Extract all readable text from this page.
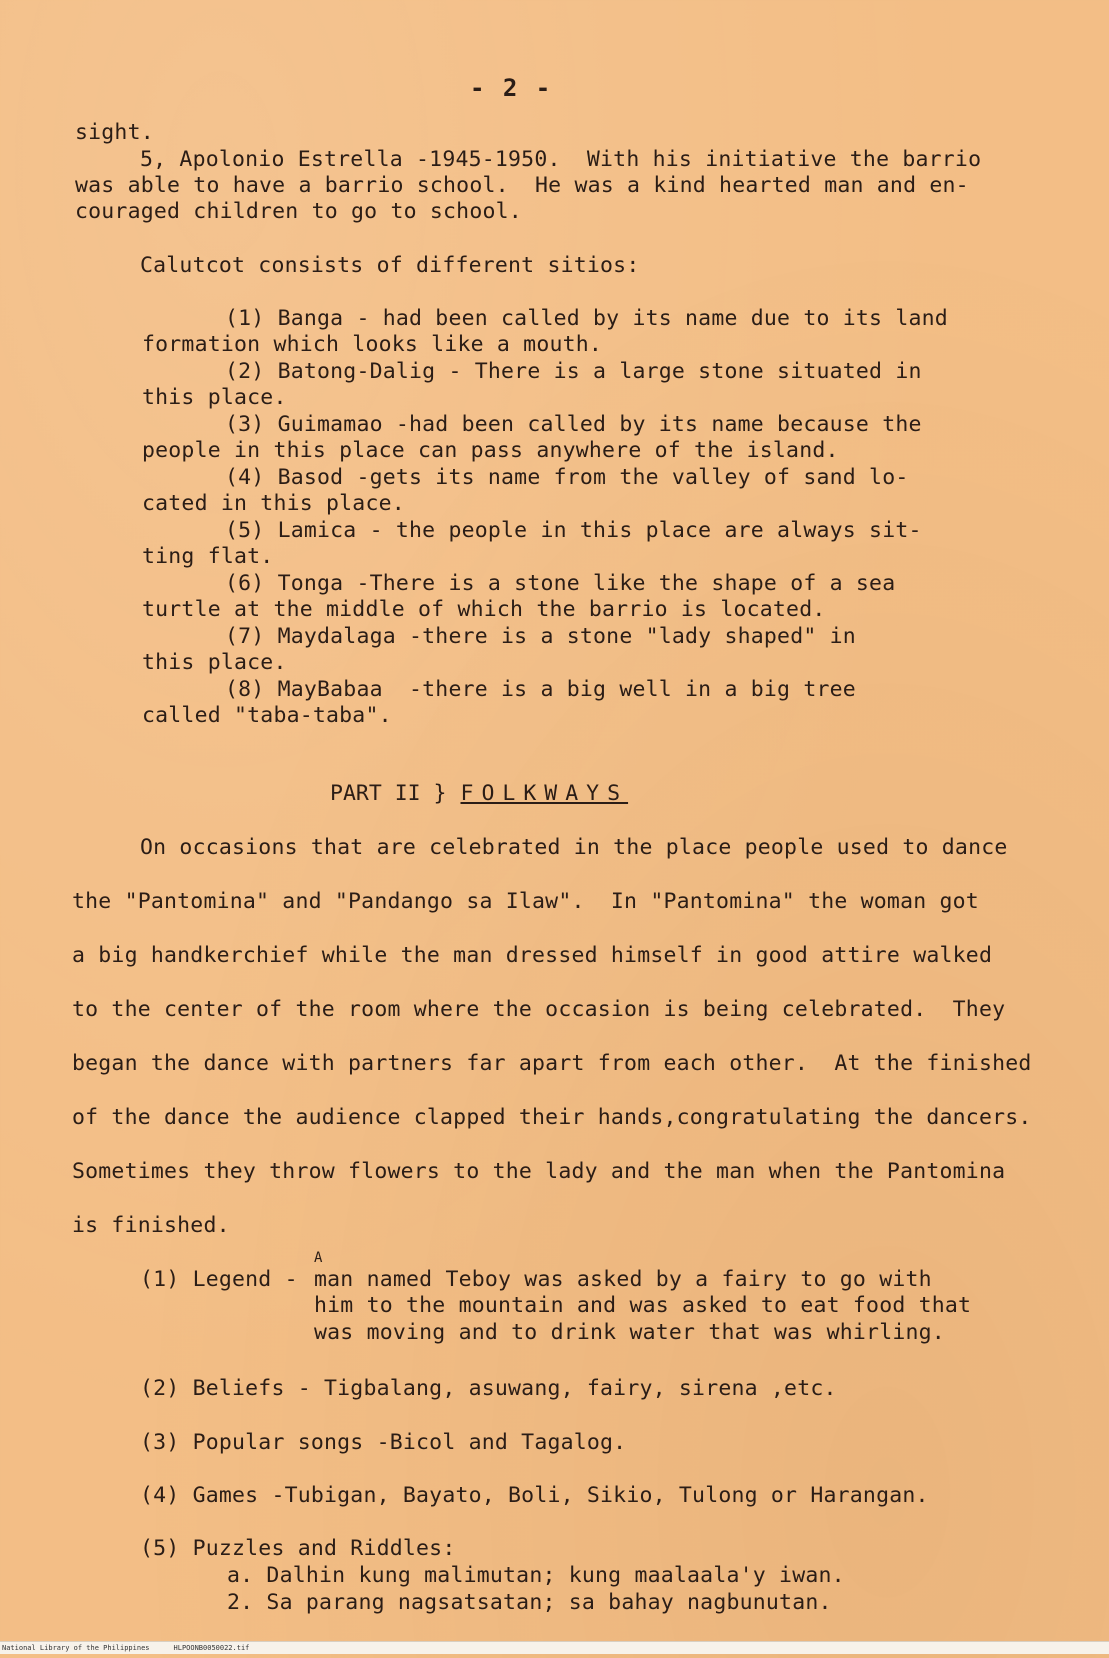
- 2 -

sight.

5, Apolonio Estrella -1945-1950.  With his initiative the barrio

was able to have a barrio school.  He was a kind hearted man and en-

couraged children to go to school.

Calutcot consists of different sitios:

(1) Banga - had been called by its name due to its land

formation which looks like a mouth.

(2) Batong-Dalig - There is a large stone situated in

this place.

(3) Guimamao -had been called by its name because the

people in this place can pass anywhere of the island.

(4) Basod -gets its name from the valley of sand lo-

cated in this place.

(5) Lamica - the people in this place are always sit-

ting flat.

(6) Tonga -There is a stone like the shape of a sea

turtle at the middle of which the barrio is located.

(7) Maydalaga -there is a stone "lady shaped" in

this place.

(8) MayBabaa  -there is a big well in a big tree

called "taba-taba".

PART II } FOLKWAYS

On occasions that are celebrated in the place people used to dance

the "Pantomina" and "Pandango sa Ilaw".  In "Pantomina" the woman got

a big handkerchief while the man dressed himself in good attire walked

to the center of the room where the occasion is being celebrated.  They

began the dance with partners far apart from each other.  At the finished

of the dance the audience clapped their hands,congratulating the dancers.

Sometimes they throw flowers to the lady and the man when the Pantomina

is finished.

(1) Legend -

A

man named Teboy was asked by a fairy to go with

him to the mountain and was asked to eat food that

was moving and to drink water that was whirling.

(2) Beliefs - Tigbalang, asuwang, fairy, sirena ,etc.

(3) Popular songs -Bicol and Tagalog.

(4) Games -Tubigan, Bayato, Boli, Sikio, Tulong or Harangan.

(5) Puzzles and Riddles:

a. Dalhin kung malimutan; kung maalaala'y iwan.

2. Sa parang nagsatsatan; sa bahay nagbunutan.

National Library of the Philippines	HLPOONB0050022.tif
